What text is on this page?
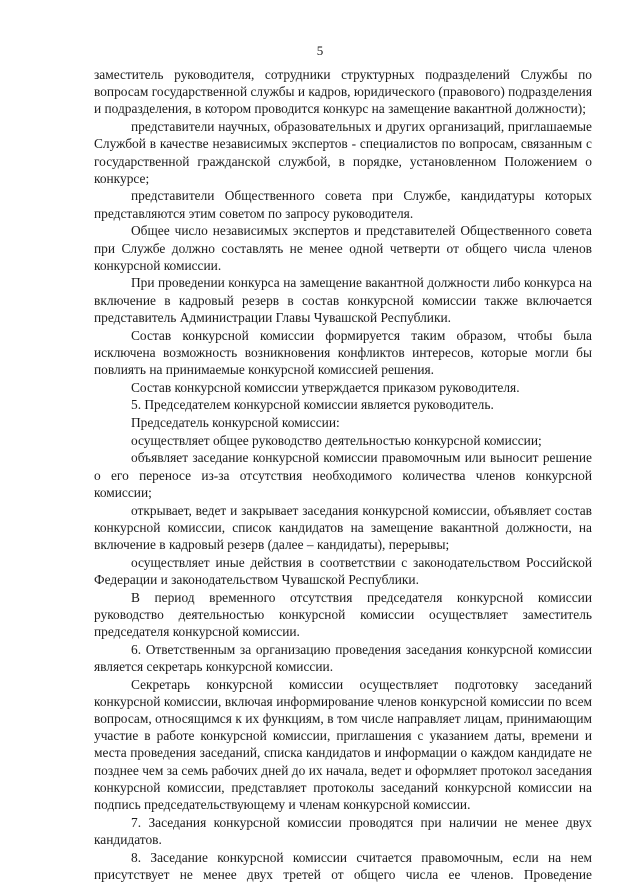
5

заместитель руководителя, сотрудники структурных подразделений Службы по вопросам государственной службы и кадров, юридического (правового) подразделения и подразделения, в котором проводится конкурс на замещение вакантной должности);

представители научных, образовательных и других организаций, приглашаемые Службой в качестве независимых экспертов - специалистов по вопросам, связанным с государственной гражданской службой, в порядке, установленном Положением о конкурсе;

представители Общественного совета при Службе, кандидатуры которых представляются этим советом по запросу руководителя.

Общее число независимых экспертов и представителей Общественного совета при Службе должно составлять не менее одной четверти от общего числа членов конкурсной комиссии.

При проведении конкурса на замещение вакантной должности либо конкурса на включение в кадровый резерв в состав конкурсной комиссии также включается представитель Администрации Главы Чувашской Республики.

Состав конкурсной комиссии формируется таким образом, чтобы была исключена возможность возникновения конфликтов интересов, которые могли бы повлиять на принимаемые конкурсной комиссией решения.

Состав конкурсной комиссии утверждается приказом руководителя.

5. Председателем конкурсной комиссии является руководитель.

Председатель конкурсной комиссии:

осуществляет общее руководство деятельностью конкурсной комиссии;

объявляет заседание конкурсной комиссии правомочным или выносит решение о его переносе из-за отсутствия необходимого количества членов конкурсной комиссии;

открывает, ведет и закрывает заседания конкурсной комиссии, объявляет состав конкурсной комиссии, список кандидатов на замещение вакантной должности, на включение в кадровый резерв (далее – кандидаты), перерывы;

осуществляет иные действия в соответствии с законодательством Российской Федерации и законодательством Чувашской Республики.

В период временного отсутствия председателя конкурсной комиссии руководство деятельностью конкурсной комиссии осуществляет заместитель председателя конкурсной комиссии.

6. Ответственным за организацию проведения заседания конкурсной комиссии является секретарь конкурсной комиссии.

Секретарь конкурсной комиссии осуществляет подготовку заседаний конкурсной комиссии, включая информирование членов конкурсной комиссии по всем вопросам, относящимся к их функциям, в том числе направляет лицам, принимающим участие в работе конкурсной комиссии, приглашения с указанием даты, времени и места проведения заседаний, списка кандидатов и информации о каждом кандидате не позднее чем за семь рабочих дней до их начала, ведет и оформляет протокол заседания конкурсной комиссии, представляет протоколы заседаний конкурсной комиссии на подпись председательствующему и членам конкурсной комиссии.

7. Заседания конкурсной комиссии проводятся при наличии не менее двух кандидатов.

8. Заседание конкурсной комиссии считается правомочным, если на нем присутствует не менее двух третей от общего числа ее членов. Проведение
